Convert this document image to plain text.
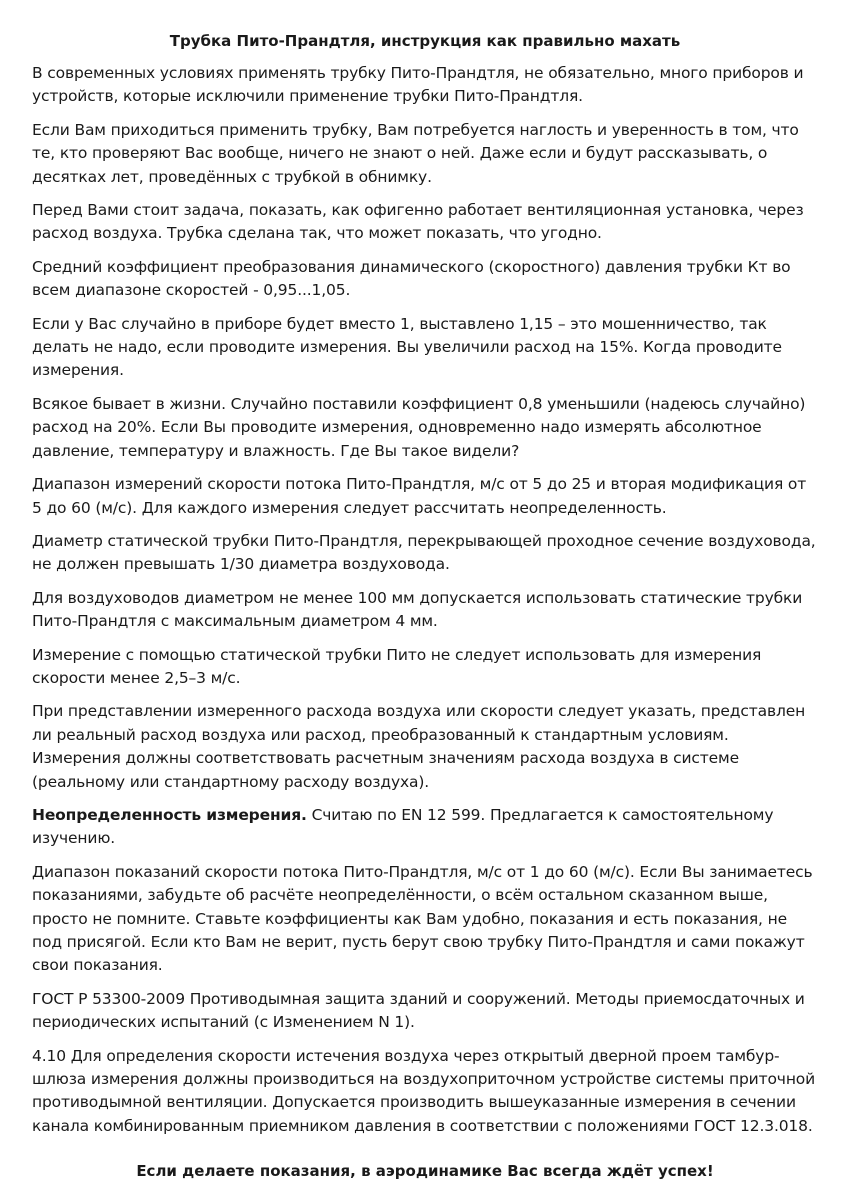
Трубка Пито-Прандтля, инструкция как правильно махать

В современных условиях применять трубку Пито-Прандтля, не обязательно, много приборов и устройств, которые исключили применение трубки Пито-Прандтля.

Если Вам приходиться применить трубку, Вам потребуется наглость и уверенность в том, что те, кто проверяют Вас вообще, ничего не знают о ней. Даже если и будут рассказывать, о десятках лет, проведённых с трубкой в обнимку.

Перед Вами стоит задача, показать, как офигенно работает вентиляционная установка, через расход воздуха. Трубка сделана так, что может показать, что угодно.

Средний коэффициент преобразования динамического (скоростного) давления трубки Кт во всем диапазоне скоростей - 0,95...1,05.

Если у Вас случайно в приборе будет вместо 1, выставлено 1,15 – это мошенничество, так делать не надо, если проводите измерения. Вы увеличили расход на 15%. Когда проводите измерения.

Всякое бывает в жизни. Случайно поставили коэффициент 0,8 уменьшили (надеюсь случайно) расход на 20%. Если Вы проводите измерения, одновременно надо измерять абсолютное давление, температуру и влажность. Где Вы такое видели?

Диапазон измерений скорости потока Пито-Прандтля, м/с от 5 до 25 и вторая модификация от 5 до 60 (м/с). Для каждого измерения следует рассчитать неопределенность.

Диаметр статической трубки Пито-Прандтля, перекрывающей проходное сечение воздуховода, не должен превышать 1/30 диаметра воздуховода.

Для воздуховодов диаметром не менее 100 мм допускается использовать статические трубки Пито-Прандтля с максимальным диаметром 4 мм.

Измерение с помощью статической трубки Пито не следует использовать для измерения скорости менее 2,5–3 м/с.

При представлении измеренного расхода воздуха или скорости следует указать, представлен ли реальный расход воздуха или расход, преобразованный к стандартным условиям. Измерения должны соответствовать расчетным значениям расхода воздуха в системе (реальному или стандартному расходу воздуха).

Неопределенность измерения. Считаю по EN 12 599. Предлагается к самостоятельному изучению.

Диапазон показаний скорости потока Пито-Прандтля, м/с от 1 до 60 (м/с). Если Вы занимаетесь показаниями, забудьте об расчёте неопределённости, о всём остальном сказанном выше, просто не помните. Ставьте коэффициенты как Вам удобно, показания и есть показания, не под присягой. Если кто Вам не верит, пусть берут свою трубку Пито-Прандтля и сами покажут свои показания.

ГОСТ Р 53300-2009 Противодымная защита зданий и сооружений. Методы приемосдаточных и периодических испытаний (с Изменением N 1).

4.10 Для определения скорости истечения воздуха через открытый дверной проем тамбур-шлюза измерения должны производиться на воздухоприточном устройстве системы приточной противодымной вентиляции. Допускается производить вышеуказанные измерения в сечении канала комбинированным приемником давления в соответствии с положениями ГОСТ 12.3.018.

Если делаете показания, в аэродинамике Вас всегда ждёт успех!
